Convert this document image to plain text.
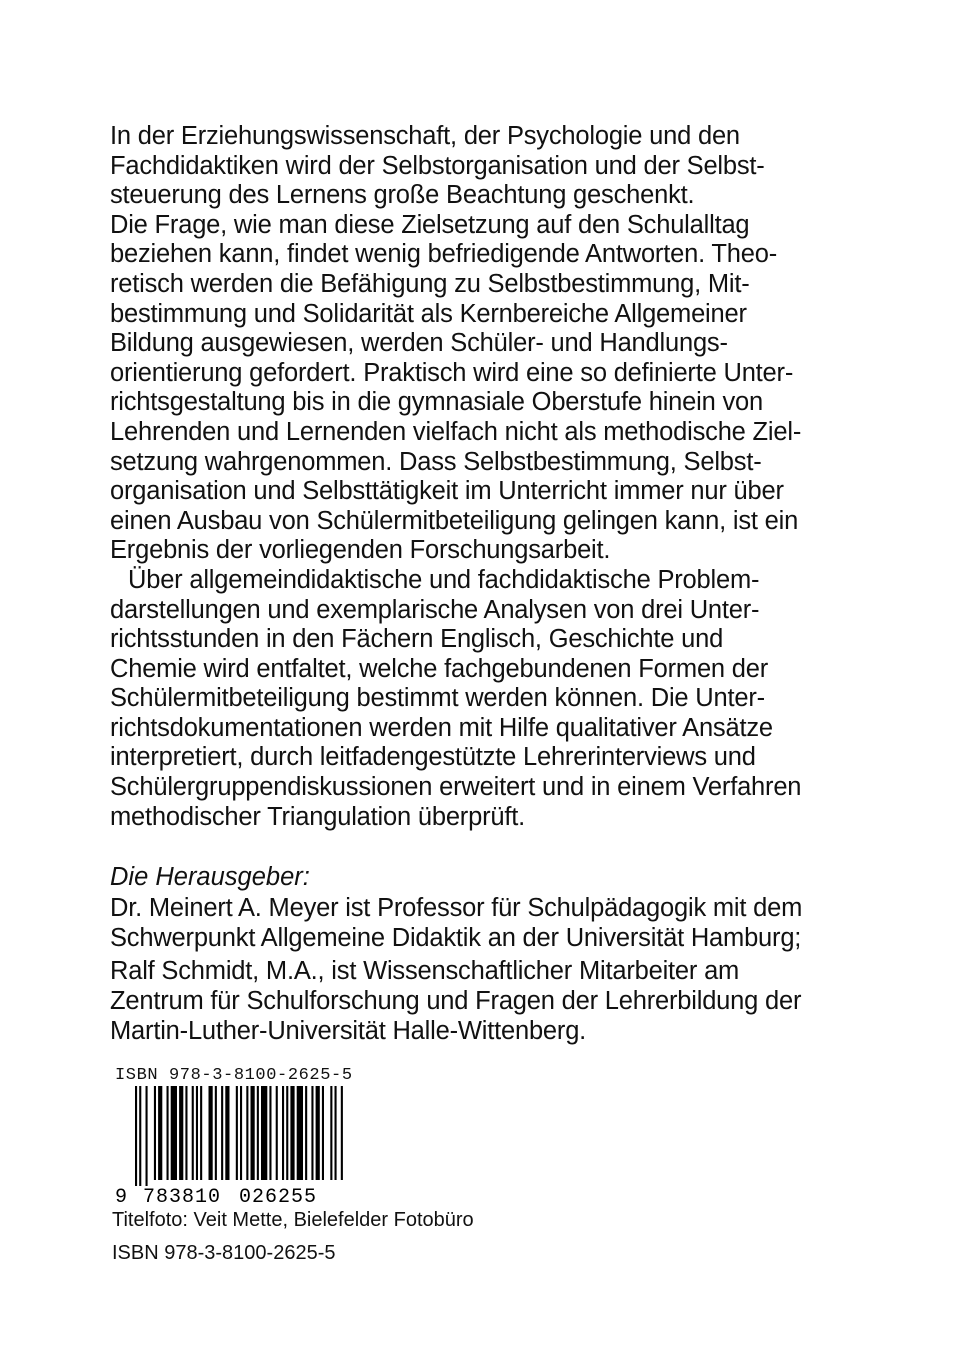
In der Erziehungswissenschaft, der Psychologie und den
Fachdidaktiken wird der Selbstorganisation und der Selbst-
steuerung des Lernens große Beachtung geschenkt.
Die Frage, wie man diese Zielsetzung auf den Schulalltag
beziehen kann, findet wenig befriedigende Antworten. Theo-
retisch werden die Befähigung zu Selbstbestimmung, Mit-
bestimmung und Solidarität als Kernbereiche Allgemeiner
Bildung ausgewiesen, werden Schüler- und Handlungs-
orientierung gefordert. Praktisch wird eine so definierte Unter-
richtsgestaltung bis in die gymnasiale Oberstufe hinein von
Lehrenden und Lernenden vielfach nicht als methodische Ziel-
setzung wahrgenommen. Dass Selbstbestimmung, Selbst-
organisation und Selbsttätigkeit im Unterricht immer nur über
einen Ausbau von Schülermitbeteiligung gelingen kann, ist ein
Ergebnis der vorliegenden Forschungsarbeit.
Über allgemeindidaktische und fachdidaktische Problem-
darstellungen und exemplarische Analysen von drei Unter-
richtsstunden in den Fächern Englisch, Geschichte und
Chemie wird entfaltet, welche fachgebundenen Formen der
Schülermitbeteiligung bestimmt werden können. Die Unter-
richtsdokumentationen werden mit Hilfe qualitativer Ansätze
interpretiert, durch leitfadengestützte Lehrerinterviews und
Schülergruppendiskussionen erweitert und in einem Verfahren
methodischer Triangulation überprüft.
Die Herausgeber:
Dr. Meinert A. Meyer ist Professor für Schulpädagogik mit dem
Schwerpunkt Allgemeine Didaktik an der Universität Hamburg;
Ralf Schmidt, M.A., ist Wissenschaftlicher Mitarbeiter am
Zentrum für Schulforschung und Fragen der Lehrerbildung der
Martin-Luther-Universität Halle-Wittenberg.
ISBN 978-3-8100-2625-5
9 783810 026255
Titelfoto: Veit Mette, Bielefelder Fotobüro
ISBN 978-3-8100-2625-5
